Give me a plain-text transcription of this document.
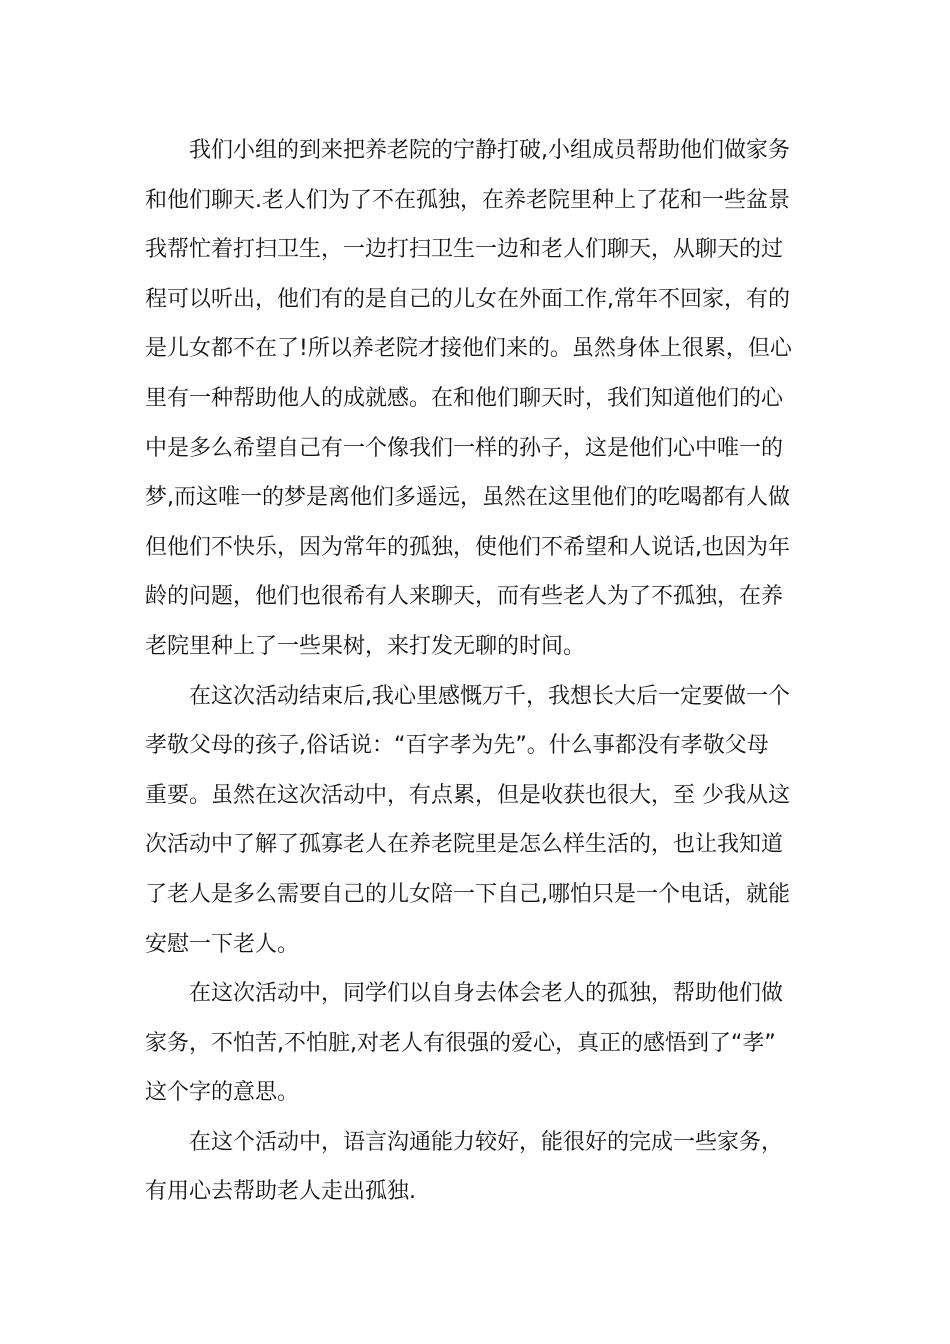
我们小组的到来把养老院的宁静打破,小组成员帮助他们做家务
和他们聊天.老人们为了不在孤独，在养老院里种上了花和一些盆景
我帮忙着打扫卫生，一边打扫卫生一边和老人们聊天，从聊天的过
程可以听出，他们有的是自己的儿女在外面工作,常年不回家，有的
是儿女都不在了!所以养老院才接他们来的。虽然身体上很累，但心
里有一种帮助他人的成就感。在和他们聊天时，我们知道他们的心
中是多么希望自己有一个像我们一样的孙子，这是他们心中唯一的
梦,而这唯一的梦是离他们多遥远，虽然在这里他们的吃喝都有人做
但他们不快乐，因为常年的孤独，使他们不希望和人说话,也因为年
龄的问题，他们也很希有人来聊天，而有些老人为了不孤独，在养
老院里种上了一些果树，来打发无聊的时间。
在这次活动结束后,我心里感慨万千，我想长大后一定要做一个
孝敬父母的孩子,俗话说：“百字孝为先”。什么事都没有孝敬父母
重要。虽然在这次活动中，有点累，但是收获也很大，至 少我从这
次活动中了解了孤寡老人在养老院里是怎么样生活的，也让我知道
了老人是多么需要自己的儿女陪一下自己,哪怕只是一个电话，就能
安慰一下老人。
在这次活动中，同学们以自身去体会老人的孤独，帮助他们做
家务，不怕苦,不怕脏,对老人有很强的爱心，真正的感悟到了“孝”
这个字的意思。
在这个活动中，语言沟通能力较好，能很好的完成一些家务，
有用心去帮助老人走出孤独.
